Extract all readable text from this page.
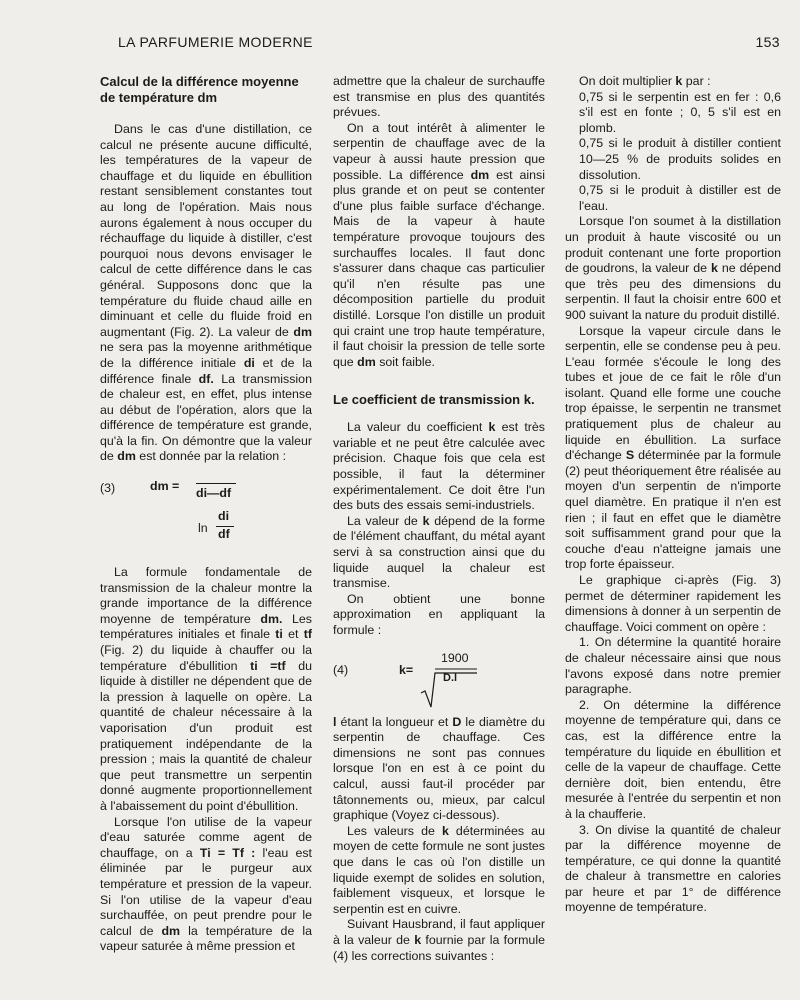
LA PARFUMERIE MODERNE	153
Calcul de la différence moyenne de température dm

Dans le cas d'une distillation, ce calcul ne présente aucune difficulté, les températures de la vapeur de chauffage et du liquide en ébullition restant sensiblement constantes tout au long de l'opération. Mais nous aurons également à nous occuper du réchauffage du liquide à distiller, c'est pourquoi nous devons envisager le calcul de cette différence dans le cas général. Supposons donc que la température du fluide chaud aille en diminuant et celle du fluide froid en augmentant (Fig. 2). La valeur de dm ne sera pas la moyenne arithmétique de la différence initiale di et de la différence finale df. La transmission de chaleur est, en effet, plus intense au début de l'opération, alors que la différence de température est grande, qu'à la fin. On démontre que la valeur de dm est donnée par la relation :

(3)	dm = di—df
ln
di
df

La formule fondamentale de transmission de la chaleur montre la grande importance de la différence moyenne de température dm. Les températures initiales et finale ti et tf (Fig. 2) du liquide à chauffer ou la température d'ébullition ti =tf du liquide à distiller ne dépendent que de la pression à laquelle on opère. La quantité de chaleur nécessaire à la vaporisation d'un produit est pratiquement indépendante de la pression ; mais la quantité de chaleur que peut transmettre un serpentin donné augmente proportionnellement à l'abaissement du point d'ébullition.

Lorsque l'on utilise de la vapeur d'eau saturée comme agent de chauffage, on a Ti = Tf : l'eau est éliminée par le purgeur aux température et pression de la vapeur. Si l'on utilise de la vapeur d'eau surchauffée, on peut prendre pour le calcul de dm la température de la vapeur saturée à même pression et

admettre que la chaleur de surchauffe est transmise en plus des quantités prévues.

On a tout intérêt à alimenter le serpentin de chauffage avec de la vapeur à aussi haute pression que possible. La différence dm est ainsi plus grande et on peut se contenter d'une plus faible surface d'échange. Mais de la vapeur à haute température provoque toujours des surchauffes locales. Il faut donc s'assurer dans chaque cas particulier qu'il n'en résulte pas une décomposition partielle du produit distillé. Lorsque l'on distille un produit qui craint une trop haute température, il faut choisir la pression de telle sorte que dm soit faible.

Le coefficient de transmission k.

La valeur du coefficient k est très variable et ne peut être calculée avec précision. Chaque fois que cela est possible, il faut la déterminer expérimentalement. Ce doit être l'un des buts des essais semi-industriels.

La valeur de k dépend de la forme de l'élément chauffant, du métal ayant servi à sa construction ainsi que du liquide auquel la chaleur est transmise.

On obtient une bonne approximation en appliquant la formule :

(4)	k=
1900
D.l

l étant la longueur et D le diamètre du serpentin de chauffage. Ces dimensions ne sont pas connues lorsque l'on en est à ce point du calcul, aussi faut-il procéder par tâtonnements ou, mieux, par calcul graphique (Voyez ci-dessous).

Les valeurs de k déterminées au moyen de cette formule ne sont justes que dans le cas où l'on distille un liquide exempt de solides en solution, faiblement visqueux, et lorsque le serpentin est en cuivre.

Suivant Hausbrand, il faut appliquer à la valeur de k fournie par la formule (4) les corrections suivantes :

On doit multiplier k par :

0,75 si le serpentin est en fer : 0,6 s'il est en fonte ; 0, 5 s'il est en plomb.

0,75 si le produit à distiller contient 10—25 % de produits solides en dissolution.

0,75 si le produit à distiller est de l'eau.

Lorsque l'on soumet à la distillation un produit à haute viscosité ou un produit contenant une forte proportion de goudrons, la valeur de k ne dépend que très peu des dimensions du serpentin. Il faut la choisir entre 600 et 900 suivant la nature du produit distillé.

Lorsque la vapeur circule dans le serpentin, elle se condense peu à peu. L'eau formée s'écoule le long des tubes et joue de ce fait le rôle d'un isolant. Quand elle forme une couche trop épaisse, le serpentin ne transmet pratiquement plus de chaleur au liquide en ébullition. La surface d'échange S déterminée par la formule (2) peut théoriquement être réalisée au moyen d'un serpentin de n'importe quel diamètre. En pratique il n'en est rien ; il faut en effet que le diamètre soit suffisamment grand pour que la couche d'eau n'atteigne jamais une trop forte épaisseur.

Le graphique ci-après (Fig. 3) permet de déterminer rapidement les dimensions à donner à un serpentin de chauffage. Voici comment on opère :

1. On détermine la quantité horaire de chaleur nécessaire ainsi que nous l'avons exposé dans notre premier paragraphe.

2. On détermine la différence moyenne de température qui, dans ce cas, est la différence entre la température du liquide en ébullition et celle de la vapeur de chauffage. Cette dernière doit, bien entendu, être mesurée à l'entrée du serpentin et non à la chaufferie.

3. On divise la quantité de chaleur par la différence moyenne de température, ce qui donne la quantité de chaleur à transmettre en calories par heure et par 1° de différence moyenne de température.
